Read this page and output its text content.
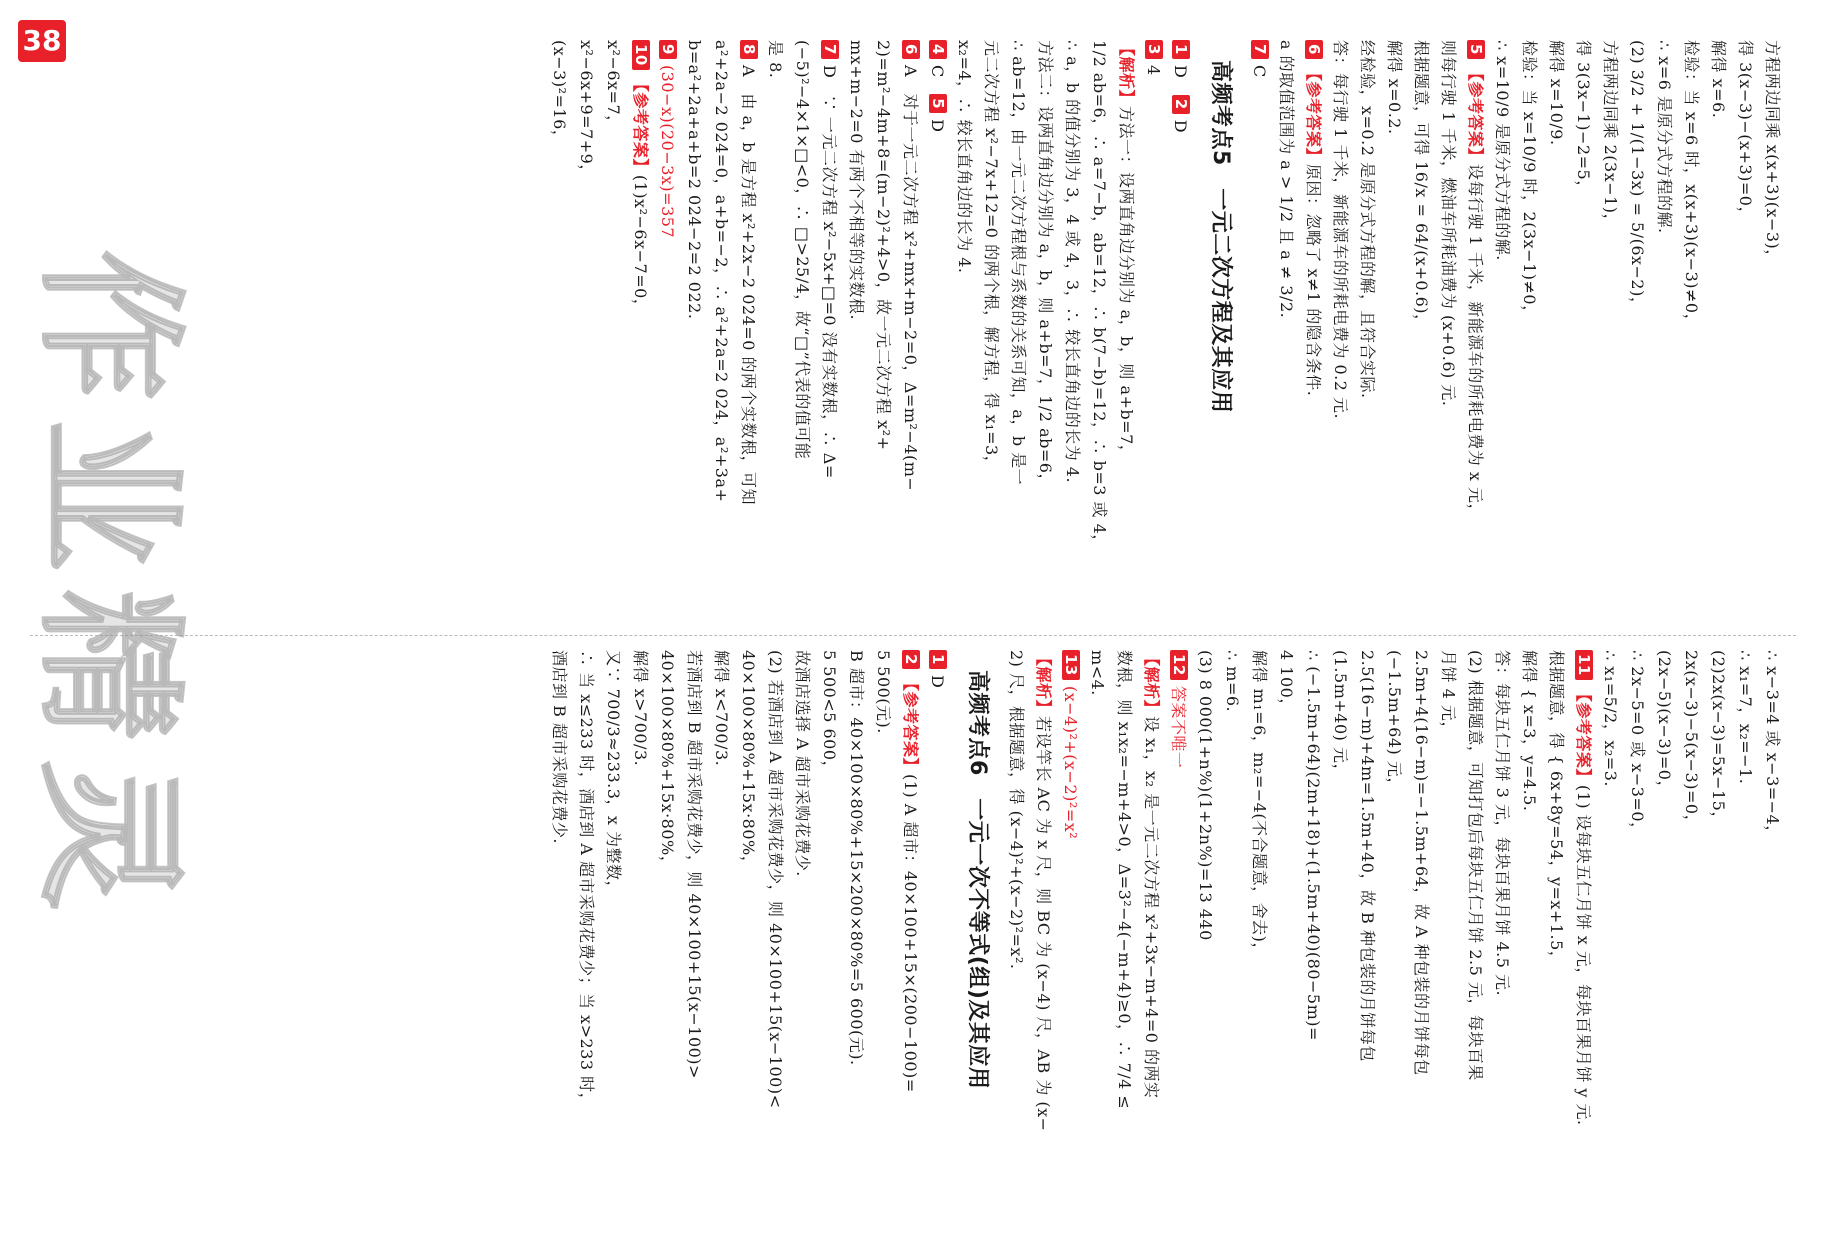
38	方程两边同乘 x(x+3)(x−3)，
得 3(x−3)−(x+3)=0，
解得 x=6.
检验：当 x=6 时，x(x+3)(x−3)≠0，
∴ x=6 是原分式方程的解.
(2) 3/2 + 1/(1−3x) = 5/(6x−2)，
方程两边同乘 2(3x−1)，
得 3(3x−1)−2=5，
解得 x=10/9.
检验：当 x=10/9 时，2(3x−1)≠0，
∴ x=10/9 是原分式方程的解.
5【参考答案】设每行驶 1 千米，新能源车的所耗电费为 x 元，
则每行驶 1 千米，燃油车所耗油费为 (x+0.6) 元.
根据题意，可得 16/x = 64/(x+0.6)，
解得 x=0.2.
经检验，x=0.2 是原分式方程的解，且符合实际.
答：每行驶 1 千米，新能源车的所耗电费为 0.2 元.
6【参考答案】原因：忽略了 x≠1 的隐含条件.
a 的取值范围为 a > 1/2 且 a ≠ 3/2.
7C
高频考点5　一元二次方程及其应用
1D　2D
34
【解析】方法一：设两直角边分别为 a，b，则 a+b=7，
1/2 ab=6，∴ a=7−b，ab=12，∴ b(7−b)=12，∴ b=3 或 4，
∴ a，b 的值分别为 3，4 或 4，3，∴ 较长直角边的长为 4.
方法二：设两直角边分别为 a，b，则 a+b=7，1/2 ab=6，
∴ ab=12，由一元二次方程根与系数的关系可知，a，b 是一
元二次方程 x²−7x+12=0 的两个根，解方程，得 x₁=3，
x₂=4，∴ 较长直角边的长为 4.
4C　5D
6A　对于一元二次方程 x²+mx+m−2=0，Δ=m²−4(m−
2)=m²−4m+8=(m−2)²+4>0，故一元二次方程 x²+
mx+m−2=0 有两个不相等的实数根.
7D　∵ 一元二次方程 x²−5x+□=0 没有实数根，∴ Δ=
(−5)²−4×1×□<0，∴ □>25/4，故“□”代表的值可能
是 8.
8A　由 a，b 是方程 x²+2x−2 024=0 的两个实数根，可知
a²+2a−2 024=0，a+b=−2，∴ a²+2a=2 024，a²+3a+
b=a²+2a+a+b=2 024−2=2 022.
9(30−x)(20−3x)=357
10【参考答案】(1)x²−6x−7=0，
x²−6x=7，
x²−6x+9=7+9，
(x−3)²=16，
∴ x−3=4 或 x−3=−4，
∴ x₁=7，x₂=−1.
(2)2x(x−3)=5x−15，
2x(x−3)−5(x−3)=0，
(2x−5)(x−3)=0，
∴ 2x−5=0 或 x−3=0，
∴ x₁=5/2，x₂=3.
11【参考答案】(1) 设每块五仁月饼 x 元，每块百果月饼 y 元.
根据题意，得 { 6x+8y=54，y=x+1.5，
解得 { x=3，y=4.5.
答：每块五仁月饼 3 元，每块百果月饼 4.5 元.
(2) 根据题意，可知打包后每块五仁月饼 2.5 元，每块百果
月饼 4 元，
2.5m+4(16−m)=−1.5m+64，故 A 种包装的月饼每包
(−1.5m+64) 元，
2.5(16−m)+4m=1.5m+40，故 B 种包装的月饼每包
(1.5m+40) 元，
∴ (−1.5m+64)(2m+18)+(1.5m+40)(80−5m)=
4 100，
解得 m₁=6，m₂=−4(不合题意，舍去)，
∴ m=6.
(3) 8 000(1+n%)(1+2n%)=13 440
12答案不唯一
【解析】设 x₁，x₂ 是一元二次方程 x²+3x−m+4=0 的两实
数根，则 x₁x₂=−m+4>0，Δ=3²−4(−m+4)≥0，∴ 7/4 ≤
m<4.
13(x−4)²+(x−2)²=x²
【解析】若设竿长 AC 为 x 尺，则 BC 为 (x−4) 尺，AB 为 (x−
2) 尺，根据题意，得 (x−4)²+(x−2)²=x².
高频考点6　一元一次不等式(组)及其应用
1D
2【参考答案】(1) A 超市：40×100+15×(200−100)=
5 500(元).
B 超市：40×100×80%+15×200×80%=5 600(元).
5 500<5 600，
故酒店选择 A 超市采购花费少.
(2) 若酒店到 A 超市采购花费少，则 40×100+15(x−100)<
40×100×80%+15x·80%，
解得 x<700/3.
若酒店到 B 超市采购花费少，则 40×100+15(x−100)>
40×100×80%+15x·80%，
解得 x>700/3.
又∵ 700/3≈233.3，x 为整数，
∴ 当 x≤233 时，酒店到 A 超市采购花费少；当 x>233 时，
酒店到 B 超市采购花费少.
作业精灵
